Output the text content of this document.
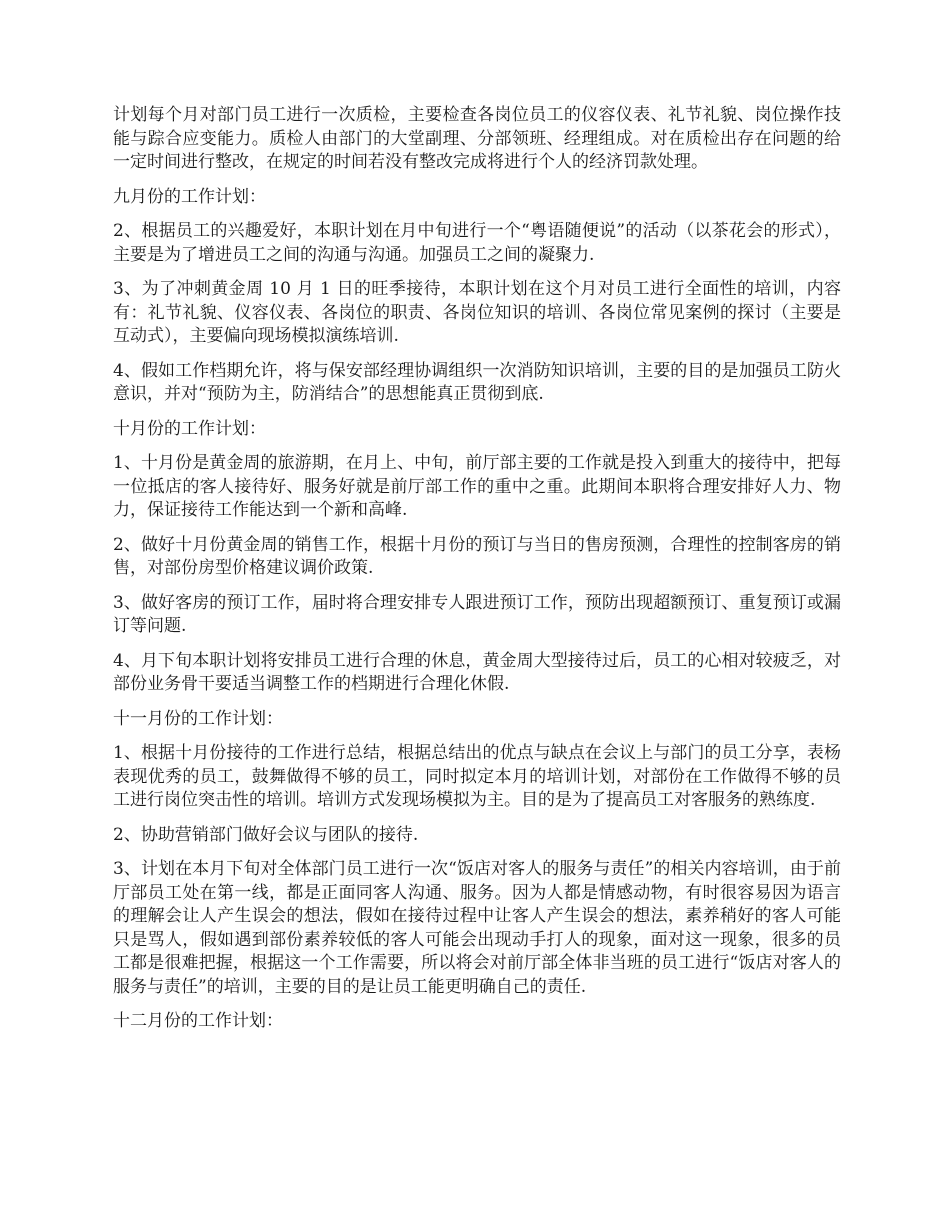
计划每个月对部门员工进行一次质检，主要检查各岗位员工的仪容仪表、礼节礼貌、岗位操作技能与踪合应变能力。质检人由部门的大堂副理、分部领班、经理组成。对在质检出存在问题的给一定时间进行整改，在规定的时间若没有整改完成将进行个人的经济罚款处理。

九月份的工作计划：

2、根据员工的兴趣爱好，本职计划在月中旬进行一个“粤语随便说”的活动（以茶花会的形式），主要是为了增进员工之间的沟通与沟通。加强员工之间的凝聚力.

3、为了冲刺黄金周 10 月 1 日的旺季接待，本职计划在这个月对员工进行全面性的培训，内容有：礼节礼貌、仪容仪表、各岗位的职责、各岗位知识的培训、各岗位常见案例的探讨（主要是互动式），主要偏向现场模拟演练培训.

4、假如工作档期允许，将与保安部经理协调组织一次消防知识培训，主要的目的是加强员工防火意识，并对“预防为主，防消结合”的思想能真正贯彻到底.

十月份的工作计划：

1、十月份是黄金周的旅游期，在月上、中旬，前厅部主要的工作就是投入到重大的接待中，把每一位抵店的客人接待好、服务好就是前厅部工作的重中之重。此期间本职将合理安排好人力、物力，保证接待工作能达到一个新和高峰.

2、做好十月份黄金周的销售工作，根据十月份的预订与当日的售房预测，合理性的控制客房的销售，对部份房型价格建议调价政策.

3、做好客房的预订工作，届时将合理安排专人跟进预订工作，预防出现超额预订、重复预订或漏订等问题.

4、月下旬本职计划将安排员工进行合理的休息，黄金周大型接待过后，员工的心相对较疲乏，对部份业务骨干要适当调整工作的档期进行合理化休假.

十一月份的工作计划：

1、根据十月份接待的工作进行总结，根据总结出的优点与缺点在会议上与部门的员工分享，表杨表现优秀的员工，鼓舞做得不够的员工，同时拟定本月的培训计划，对部份在工作做得不够的员工进行岗位突击性的培训。培训方式发现场模拟为主。目的是为了提高员工对客服务的熟练度.

2、协助营销部门做好会议与团队的接待.

3、计划在本月下旬对全体部门员工进行一次“饭店对客人的服务与责任”的相关内容培训，由于前厅部员工处在第一线，都是正面同客人沟通、服务。因为人都是情感动物，有时很容易因为语言的理解会让人产生误会的想法，假如在接待过程中让客人产生误会的想法，素养稍好的客人可能只是骂人，假如遇到部份素养较低的客人可能会出现动手打人的现象，面对这一现象，很多的员工都是很难把握，根据这一个工作需要，所以将会对前厅部全体非当班的员工进行“饭店对客人的服务与责任”的培训，主要的目的是让员工能更明确自己的责任.

十二月份的工作计划：
